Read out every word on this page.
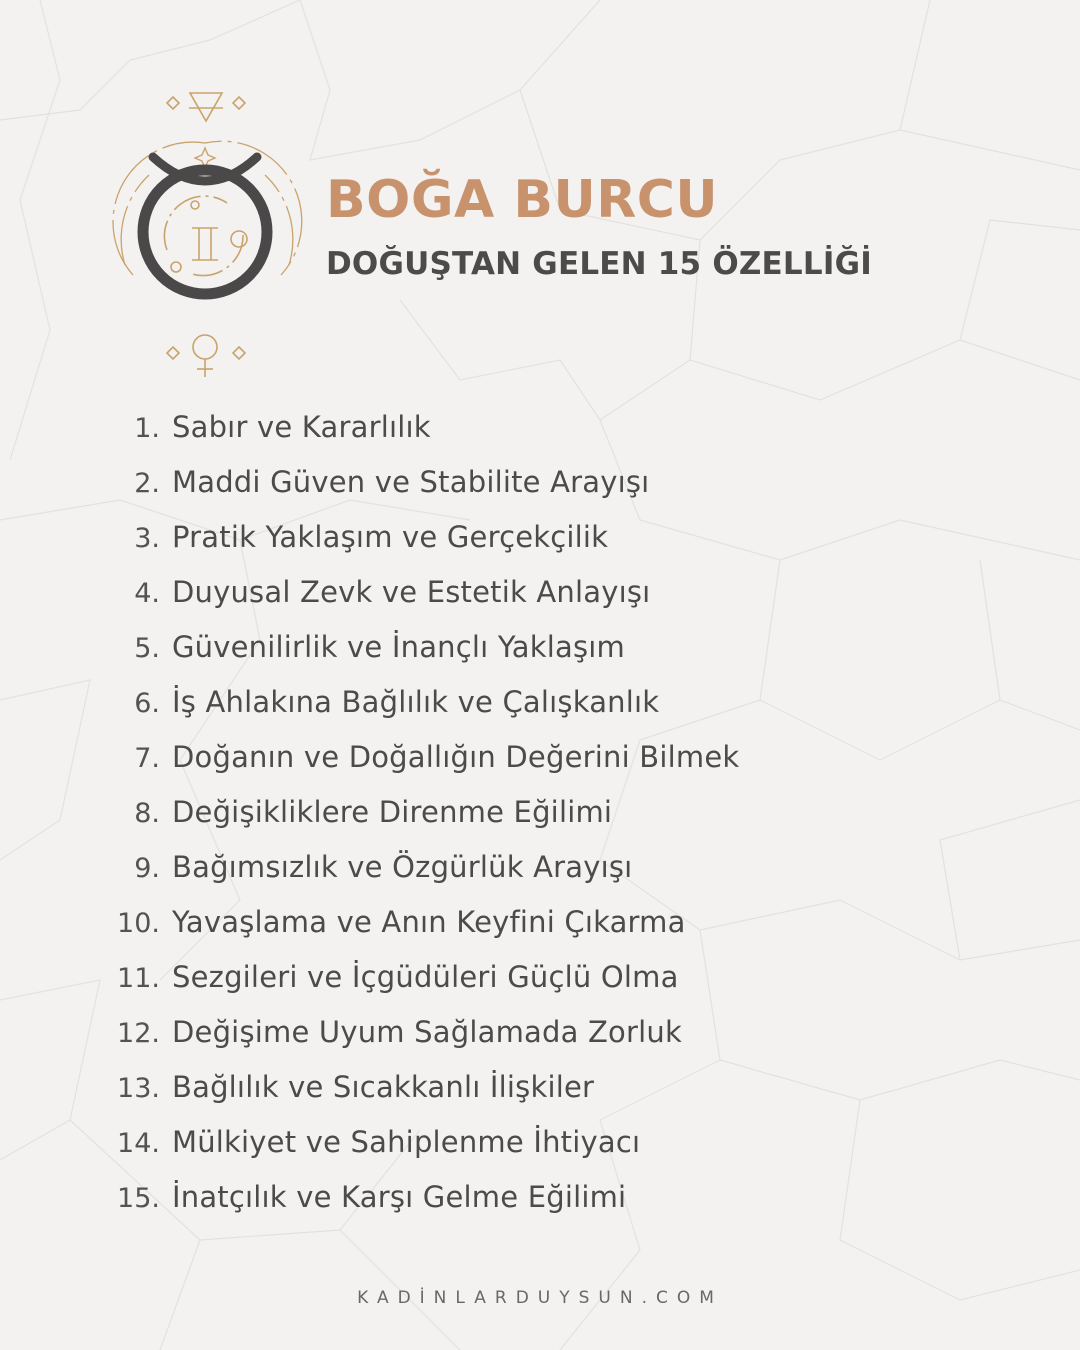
BOĞA BURCU
DOĞUŞTAN GELEN 15 ÖZELLİĞİ
1. Sabır ve Kararlılık
2. Maddi Güven ve Stabilite Arayışı
3. Pratik Yaklaşım ve Gerçekçilik
4. Duyusal Zevk ve Estetik Anlayışı
5. Güvenilirlik ve İnançlı Yaklaşım
6. İş Ahlakına Bağlılık ve Çalışkanlık
7. Doğanın ve Doğallığın Değerini Bilmek
8. Değişikliklere Direnme Eğilimi
9. Bağımsızlık ve Özgürlük Arayışı
10. Yavaşlama ve Anın Keyfini Çıkarma
11. Sezgileri ve İçgüdüleri Güçlü Olma
12. Değişime Uyum Sağlamada Zorluk
13. Bağlılık ve Sıcakkanlı İlişkiler
14. Mülkiyet ve Sahiplenme İhtiyacı
15. İnatçılık ve Karşı Gelme Eğilimi
KADİNLARDUYSUN.COM
